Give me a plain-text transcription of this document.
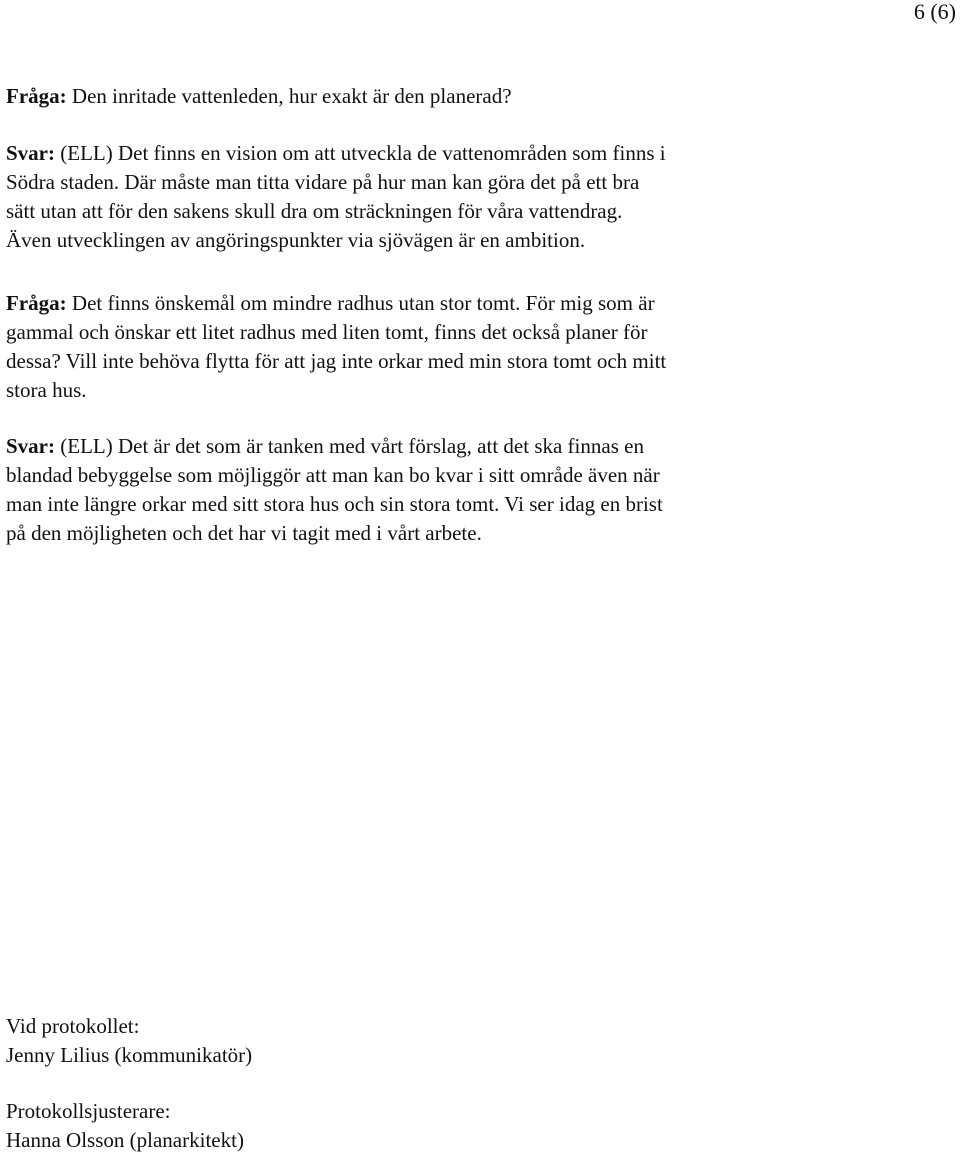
6 (6)

Fråga: Den inritade vattenleden, hur exakt är den planerad?

Svar: (ELL) Det finns en vision om att utveckla de vattenområden som finns i
Södra staden. Där måste man titta vidare på hur man kan göra det på ett bra
sätt utan att för den sakens skull dra om sträckningen för våra vattendrag.
Även utvecklingen av angöringspunkter via sjövägen är en ambition.

Fråga: Det finns önskemål om mindre radhus utan stor tomt. För mig som är
gammal och önskar ett litet radhus med liten tomt, finns det också planer för
dessa? Vill inte behöva flytta för att jag inte orkar med min stora tomt och mitt
stora hus.

Svar: (ELL) Det är det som är tanken med vårt förslag, att det ska finnas en
blandad bebyggelse som möjliggör att man kan bo kvar i sitt område även när
man inte längre orkar med sitt stora hus och sin stora tomt. Vi ser idag en brist
på den möjligheten och det har vi tagit med i vårt arbete.

Vid protokollet:
Jenny Lilius (kommunikatör)
Protokollsjusterare:
Hanna Olsson (planarkitekt)
